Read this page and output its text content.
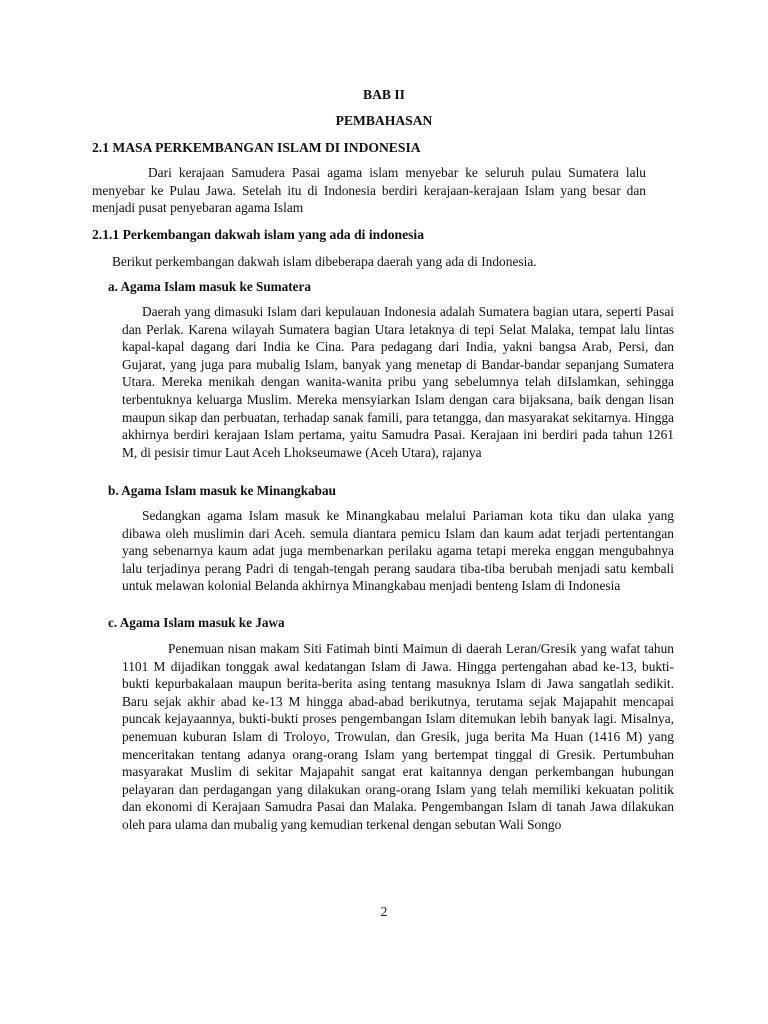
BAB II
PEMBAHASAN
2.1 MASA PERKEMBANGAN ISLAM DI INDONESIA

Dari kerajaan Samudera Pasai agama islam menyebar ke seluruh pulau Sumatera lalu menyebar ke Pulau Jawa. Setelah itu di Indonesia berdiri kerajaan-kerajaan Islam yang besar dan menjadi pusat penyebaran agama Islam

2.1.1 Perkembangan dakwah islam yang ada di indonesia
Berikut perkembangan dakwah islam dibeberapa daerah yang ada di Indonesia.
a. Agama Islam masuk ke Sumatera

Daerah yang dimasuki Islam dari kepulauan Indonesia adalah Sumatera bagian utara, seperti Pasai dan Perlak. Karena wilayah Sumatera bagian Utara letaknya di tepi Selat Malaka, tempat lalu lintas kapal-kapal dagang dari India ke Cina. Para pedagang dari India, yakni bangsa Arab, Persi, dan Gujarat, yang juga para mubalig Islam, banyak yang menetap di Bandar-bandar sepanjang Sumatera Utara. Mereka menikah dengan wanita-wanita pribu yang sebelumnya telah diIslamkan, sehingga terbentuknya keluarga Muslim. Mereka mensyiarkan Islam dengan cara bijaksana, baik dengan lisan maupun sikap dan perbuatan, terhadap sanak famili, para tetangga, dan masyarakat sekitarnya. Hingga akhirnya berdiri kerajaan Islam pertama, yaitu Samudra Pasai. Kerajaan ini berdiri pada tahun 1261 M, di pesisir timur Laut Aceh Lhokseumawe (Aceh Utara), rajanya

b. Agama Islam masuk ke Minangkabau

Sedangkan agama Islam masuk ke Minangkabau melalui Pariaman kota tiku dan ulaka yang dibawa oleh muslimin dari Aceh. semula diantara pemicu Islam dan kaum adat terjadi pertentangan yang sebenarnya kaum adat juga membenarkan perilaku agama tetapi mereka enggan mengubahnya lalu terjadinya perang Padri di tengah-tengah perang saudara tiba-tiba berubah menjadi satu kembali untuk melawan kolonial Belanda akhirnya Minangkabau menjadi benteng Islam di Indonesia

c. Agama Islam masuk ke Jawa

Penemuan nisan makam Siti Fatimah binti Maimun di daerah Leran/Gresik yang wafat tahun 1101 M dijadikan tonggak awal kedatangan Islam di Jawa. Hingga pertengahan abad ke-13, bukti-bukti kepurbakalaan maupun berita-berita asing tentang masuknya Islam di Jawa sangatlah sedikit. Baru sejak akhir abad ke-13 M hingga abad-abad berikutnya, terutama sejak Majapahit mencapai puncak kejayaannya, bukti-bukti proses pengembangan Islam ditemukan lebih banyak lagi. Misalnya, penemuan kuburan Islam di Troloyo, Trowulan, dan Gresik, juga berita Ma Huan (1416 M) yang menceritakan tentang adanya orang-orang Islam yang bertempat tinggal di Gresik. Pertumbuhan masyarakat Muslim di sekitar Majapahit sangat erat kaitannya dengan perkembangan hubungan pelayaran dan perdagangan yang dilakukan orang-orang Islam yang telah memiliki kekuatan politik dan ekonomi di Kerajaan Samudra Pasai dan Malaka. Pengembangan Islam di tanah Jawa dilakukan oleh para ulama dan mubalig yang kemudian terkenal dengan sebutan Wali Songo

2
